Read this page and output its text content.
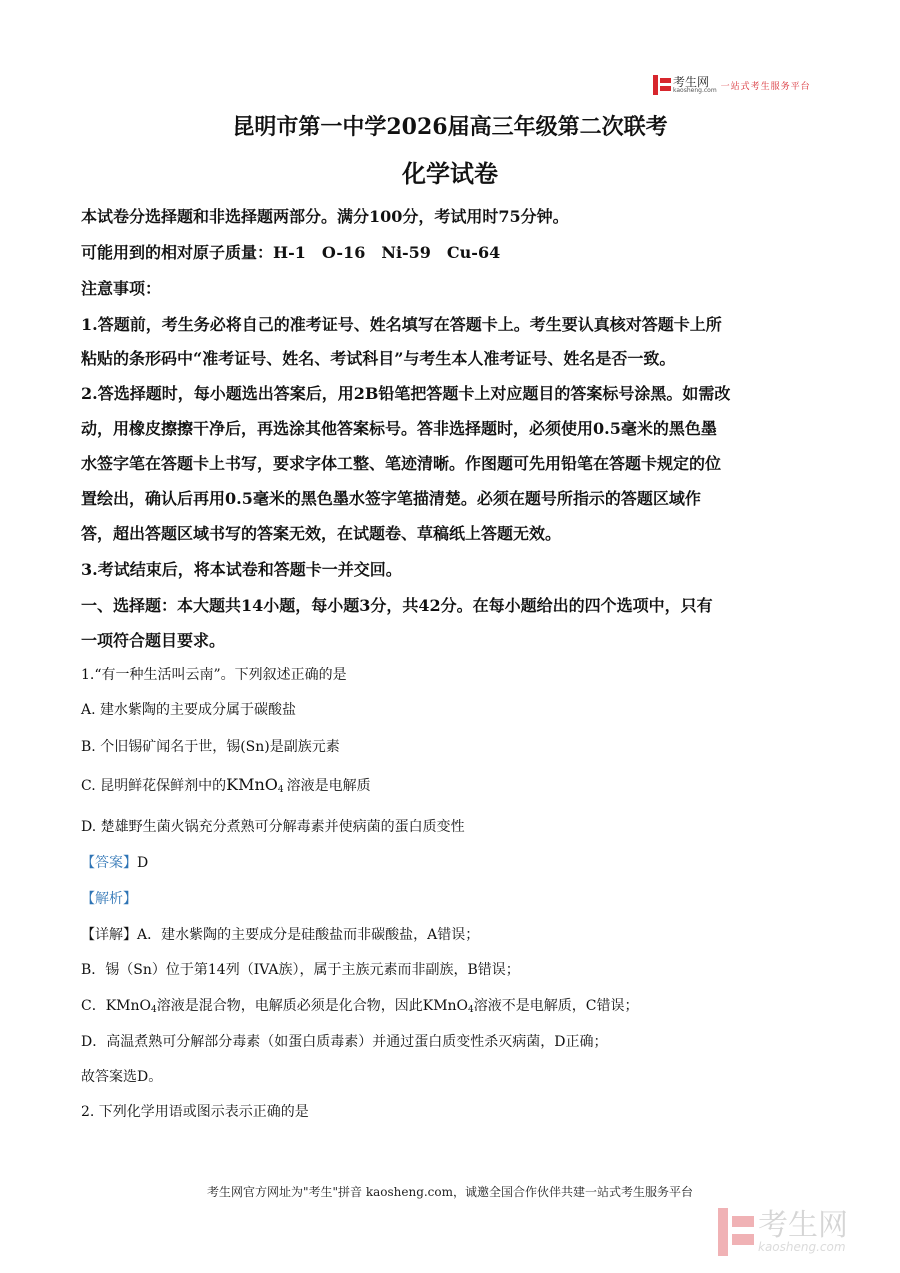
考生网
kaosheng.com 一站式考生服务平台
昆明市第一中学2026届高三年级第二次联考
化学试卷
本试卷分选择题和非选择题两部分。满分100分，考试用时75分钟。
可能用到的相对原子质量：H-1　O-16　Ni-59　Cu-64
注意事项：
1.答题前，考生务必将自己的准考证号、姓名填写在答题卡上。考生要认真核对答题卡上所
粘贴的条形码中“准考证号、姓名、考试科目”与考生本人准考证号、姓名是否一致。
2.答选择题时，每小题选出答案后，用2B铅笔把答题卡上对应题目的答案标号涂黑。如需改
动，用橡皮擦擦干净后，再选涂其他答案标号。答非选择题时，必须使用0.5毫米的黑色墨
水签字笔在答题卡上书写，要求字体工整、笔迹清晰。作图题可先用铅笔在答题卡规定的位
置绘出，确认后再用0.5毫米的黑色墨水签字笔描清楚。必须在题号所指示的答题区域作
答，超出答题区域书写的答案无效，在试题卷、草稿纸上答题无效。
3.考试结束后，将本试卷和答题卡一并交回。
一、选择题：本大题共14小题，每小题3分，共42分。在每小题给出的四个选项中，只有
一项符合题目要求。
1.“有一种生活叫云南”。下列叙述正确的是
A. 建水紫陶的主要成分属于碳酸盐
B. 个旧锡矿闻名于世，锡(Sn)是副族元素
C. 昆明鲜花保鲜剂中的KMnO$_4$ 溶液是电解质
D. 楚雄野生菌火锅充分煮熟可分解毒素并使病菌的蛋白质变性
【答案】D
【解析】
【详解】A．建水紫陶的主要成分是硅酸盐而非碳酸盐，A错误；
B．锡（Sn）位于第14列（IVA族），属于主族元素而非副族，B错误；
C．KMnO$_4$溶液是混合物，电解质必须是化合物，因此KMnO$_4$溶液不是电解质，C错误；
D．高温煮熟可分解部分毒素（如蛋白质毒素）并通过蛋白质变性杀灭病菌，D正确；
故答案选D。
2. 下列化学用语或图示表示正确的是
考生网官方网址为"考生"拼音 kaosheng.com，诚邀全国合作伙伴共建一站式考生服务平台
考生网
kaosheng.com
